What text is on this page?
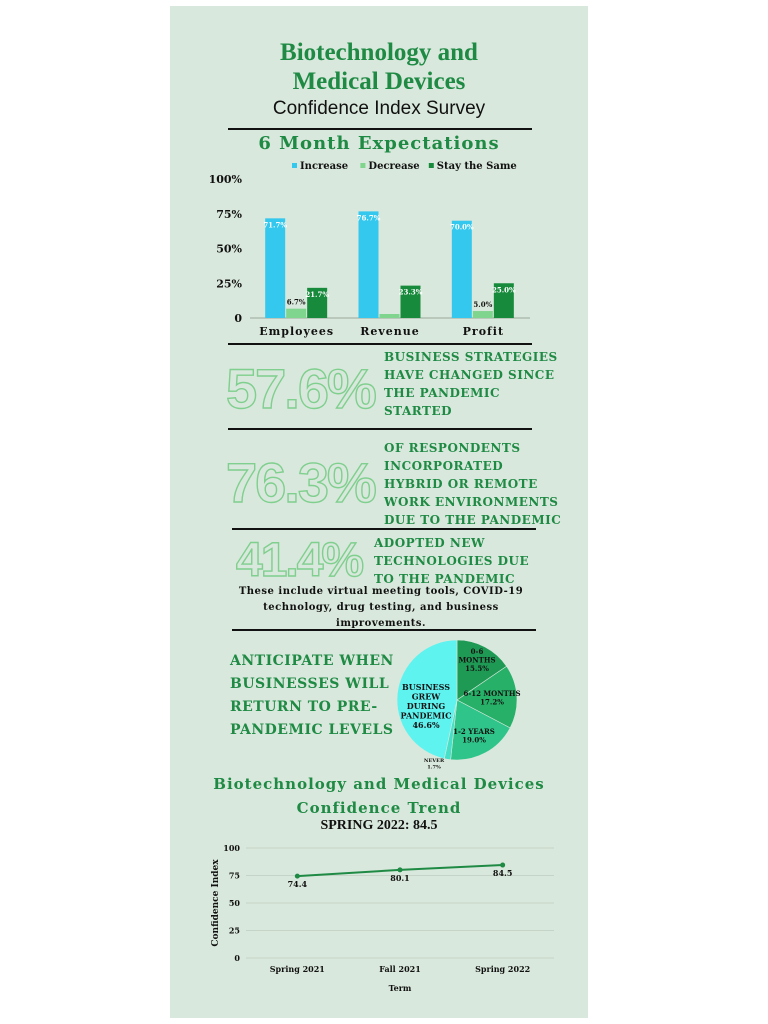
Biotechnology and
Medical Devices
Confidence Index Survey
6 Month Expectations
Increase Decrease Stay the Same
0
25%
50%
75%
100%
71.7%
6.7%
21.7%
Employees
76.7%
23.3%
Revenue
70.0%
5.0%
25.0%
Profit
57.6% BUSINESS STRATEGIES HAVE CHANGED SINCE THE PANDEMIC STARTED
76.3%
OF RESPONDENTS INCORPORATED HYBRID OR REMOTE WORK ENVIRONMENTS DUE TO THE PANDEMIC
41.4% ADOPTED NEW TECHNOLOGIES DUE TO THE PANDEMIC
These include virtual meeting tools, COVID-19 technology, drug testing, and business improvements.
ANTICIPATE WHEN BUSINESSES WILL RETURN TO PRE-PANDEMIC LEVELS
0-6
MONTHS
15.5%
6-12 MONTHS
17.2%
1-2 YEARS
19.0%
NEVER
1.7%
BUSINESS
GREW
DURING
PANDEMIC
46.6%
Biotechnology and Medical Devices
Confidence Trend
SPRING 2022: 84.5
0
25
50
75
100
74.4
Spring 2021
80.1
Fall 2021
84.5
Spring 2022
Term
Confidence Index
